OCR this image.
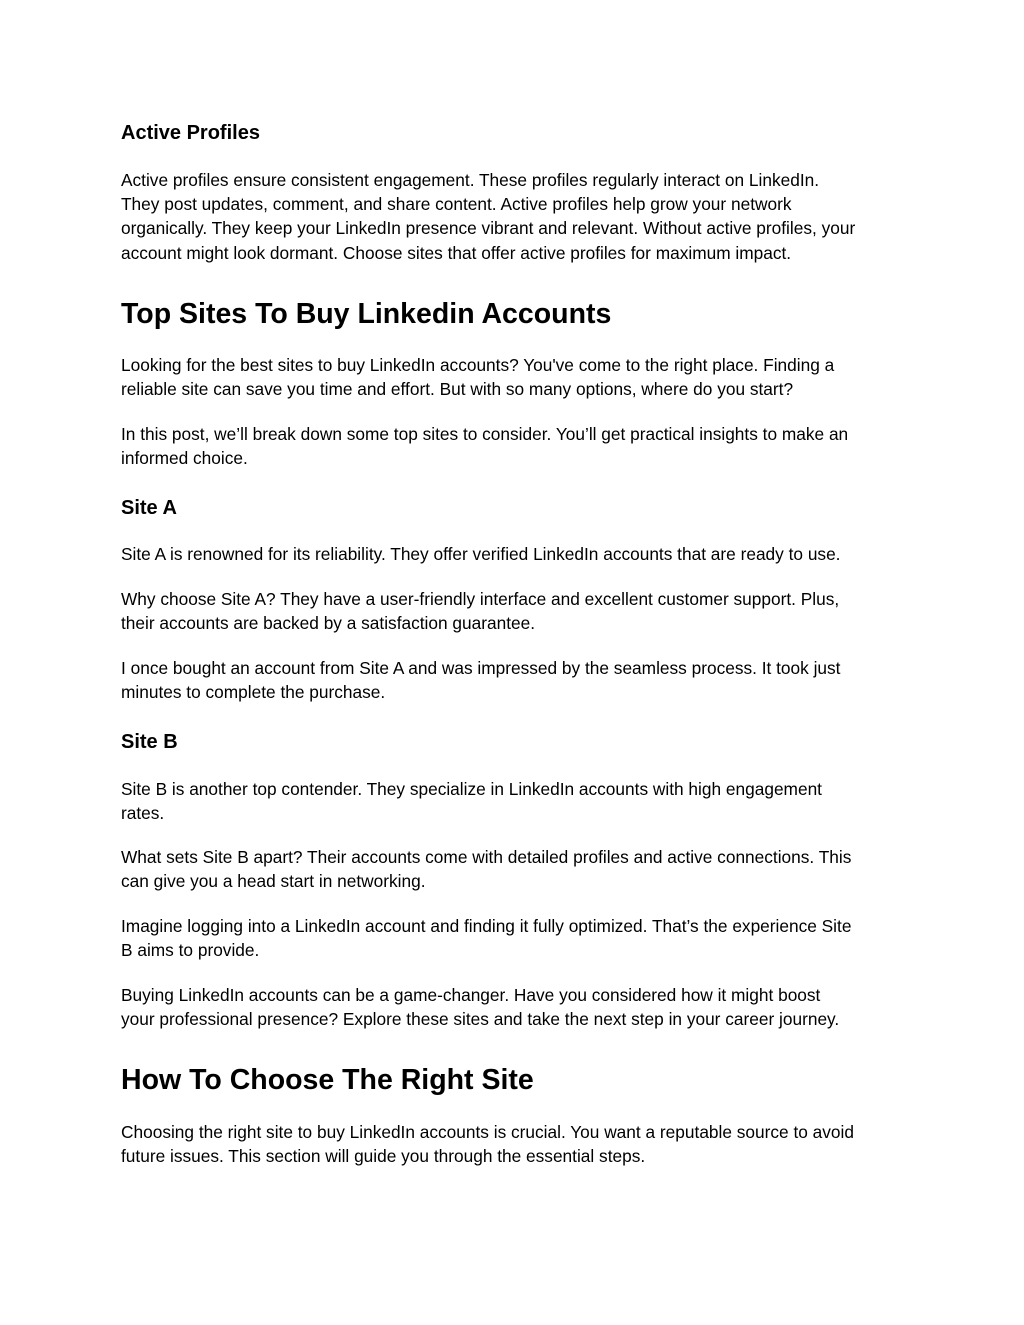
Active Profiles
Active profiles ensure consistent engagement. These profiles regularly interact on LinkedIn.
They post updates, comment, and share content. Active profiles help grow your network
organically. They keep your LinkedIn presence vibrant and relevant. Without active profiles, your
account might look dormant. Choose sites that offer active profiles for maximum impact.
Top Sites To Buy Linkedin Accounts
Looking for the best sites to buy LinkedIn accounts? You've come to the right place. Finding a
reliable site can save you time and effort. But with so many options, where do you start?
In this post, we’ll break down some top sites to consider. You’ll get practical insights to make an
informed choice.
Site A
Site A is renowned for its reliability. They offer verified LinkedIn accounts that are ready to use.
Why choose Site A? They have a user-friendly interface and excellent customer support. Plus,
their accounts are backed by a satisfaction guarantee.
I once bought an account from Site A and was impressed by the seamless process. It took just
minutes to complete the purchase.
Site B
Site B is another top contender. They specialize in LinkedIn accounts with high engagement
rates.
What sets Site B apart? Their accounts come with detailed profiles and active connections. This
can give you a head start in networking.
Imagine logging into a LinkedIn account and finding it fully optimized. That’s the experience Site
B aims to provide.
Buying LinkedIn accounts can be a game-changer. Have you considered how it might boost
your professional presence? Explore these sites and take the next step in your career journey.
How To Choose The Right Site
Choosing the right site to buy LinkedIn accounts is crucial. You want a reputable source to avoid
future issues. This section will guide you through the essential steps.
